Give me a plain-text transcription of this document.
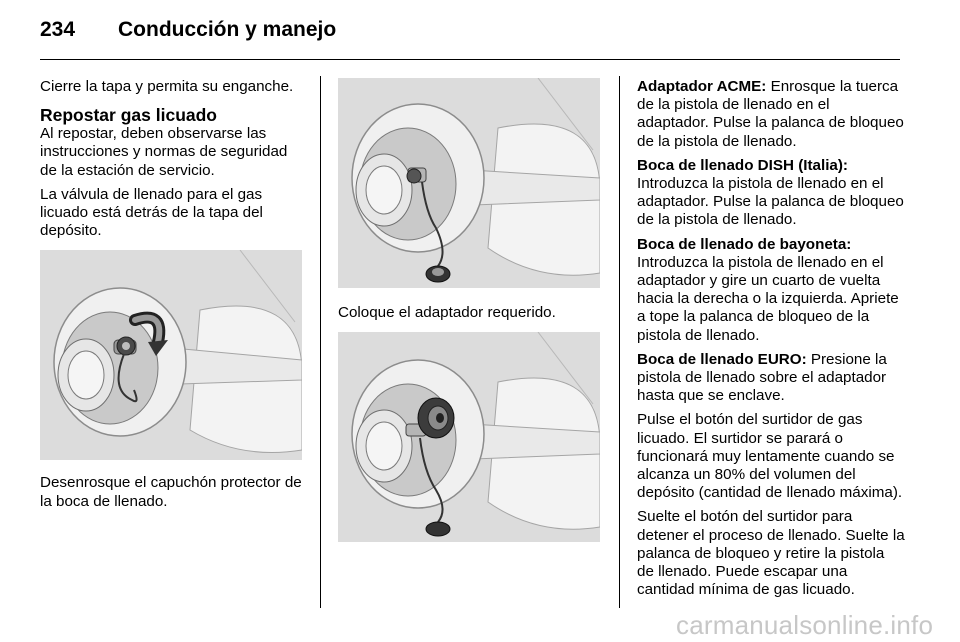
234 Conducción y manejo

Cierre la tapa y permita su enganche.

Repostar gas licuado

Al repostar, deben observarse las instrucciones y normas de seguridad de la estación de servicio.

La válvula de llenado para el gas licuado está detrás de la tapa del depósito.

Desenrosque el capuchón protector de la boca de llenado.

Coloque el adaptador requerido.

Adaptador ACME: Enrosque la tuerca de la pistola de llenado en el adaptador. Pulse la palanca de bloqueo de la pistola de llenado.

Boca de llenado DISH (Italia): Introduzca la pistola de llenado en el adaptador. Pulse la palanca de bloqueo de la pistola de llenado.

Boca de llenado de bayoneta: Introduzca la pistola de llenado en el adaptador y gire un cuarto de vuelta hacia la derecha o la izquierda. Apriete a tope la palanca de bloqueo de la pistola de llenado.

Boca de llenado EURO: Presione la pistola de llenado sobre el adaptador hasta que se enclave.

Pulse el botón del surtidor de gas licuado. El surtidor se parará o funcionará muy lentamente cuando se alcanza un 80% del volumen del depósito (cantidad de llenado máxima).

Suelte el botón del surtidor para detener el proceso de llenado. Suelte la palanca de bloqueo y retire la pistola de llenado. Puede escapar una cantidad mínima de gas licuado.

carmanualsonline.info
